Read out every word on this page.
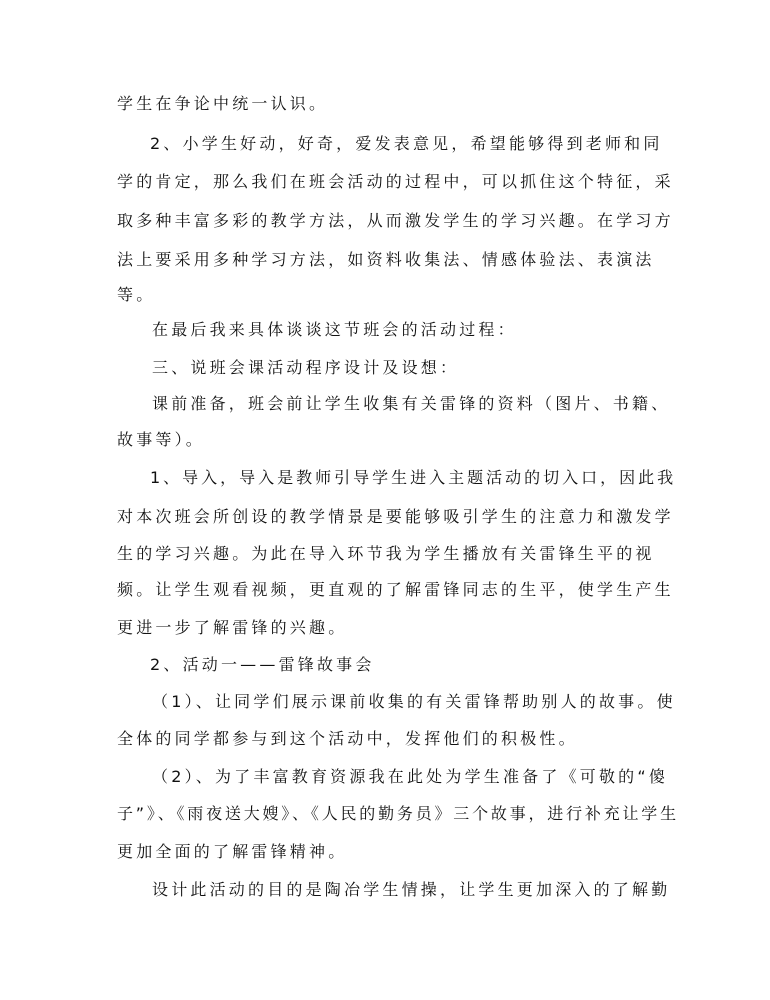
学生在争论中统一认识。
2、小学生好动，好奇，爱发表意见，希望能够得到老师和同
学的肯定，那么我们在班会活动的过程中，可以抓住这个特征，采
取多种丰富多彩的教学方法，从而激发学生的学习兴趣。在学习方
法上要采用多种学习方法，如资料收集法、情感体验法、表演法
等。
在最后我来具体谈谈这节班会的活动过程：
三、说班会课活动程序设计及设想：
课前准备，班会前让学生收集有关雷锋的资料（图片、书籍、
故事等）。
1、导入，导入是教师引导学生进入主题活动的切入口，因此我
对本次班会所创设的教学情景是要能够吸引学生的注意力和激发学
生的学习兴趣。为此在导入环节我为学生播放有关雷锋生平的视
频。让学生观看视频，更直观的了解雷锋同志的生平，使学生产生
更进一步了解雷锋的兴趣。
2、活动一——雷锋故事会
（1）、让同学们展示课前收集的有关雷锋帮助别人的故事。使
全体的同学都参与到这个活动中，发挥他们的积极性。
（2）、为了丰富教育资源我在此处为学生准备了《可敬的“傻
子”》、《雨夜送大嫂》、《人民的勤务员》三个故事，进行补充让学生
更加全面的了解雷锋精神。
设计此活动的目的是陶冶学生情操，让学生更加深入的了解勤
